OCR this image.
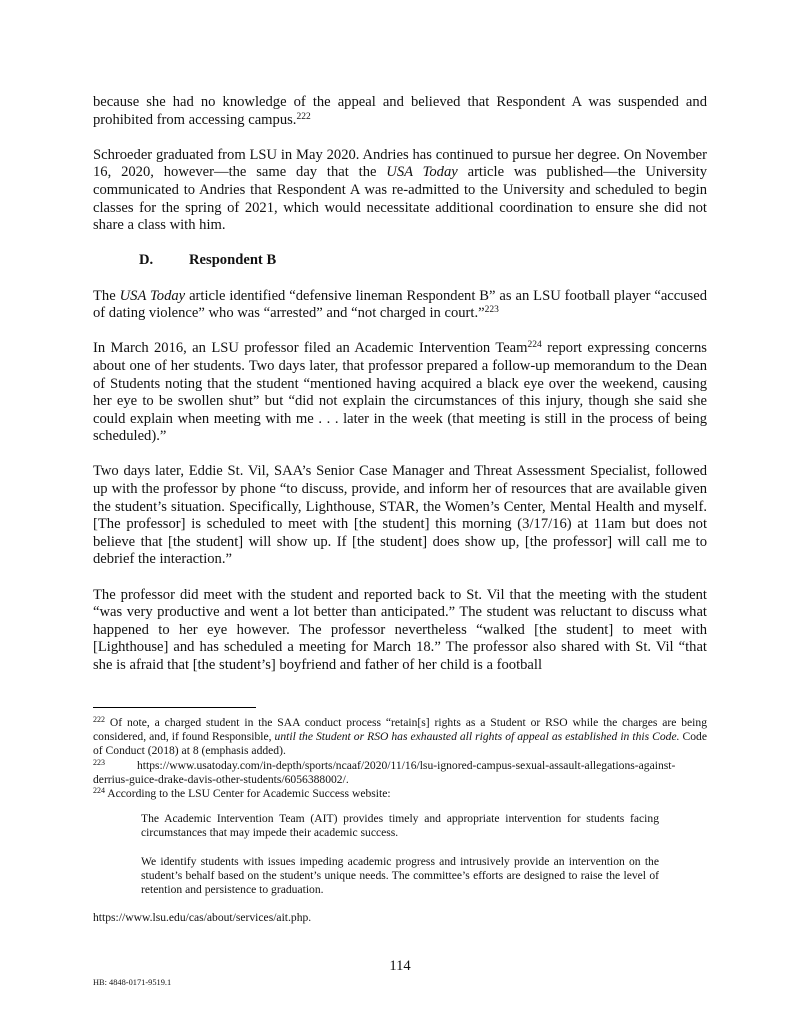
because she had no knowledge of the appeal and believed that Respondent A was suspended and prohibited from accessing campus.$^{222}$

Schroeder graduated from LSU in May 2020. Andries has continued to pursue her degree. On November 16, 2020, however—the same day that the USA Today article was published—the University communicated to Andries that Respondent A was re-admitted to the University and scheduled to begin classes for the spring of 2021, which would necessitate additional coordination to ensure she did not share a class with him.

D. Respondent B

The USA Today article identified “defensive lineman Respondent B” as an LSU football player “accused of dating violence” who was “arrested” and “not charged in court.”$^{223}$

In March 2016, an LSU professor filed an Academic Intervention Team$^{224}$ report expressing concerns about one of her students. Two days later, that professor prepared a follow-up memorandum to the Dean of Students noting that the student “mentioned having acquired a black eye over the weekend, causing her eye to be swollen shut” but “did not explain the circumstances of this injury, though she said she could explain when meeting with me . . . later in the week (that meeting is still in the process of being scheduled).”

Two days later, Eddie St. Vil, SAA’s Senior Case Manager and Threat Assessment Specialist, followed up with the professor by phone “to discuss, provide, and inform her of resources that are available given the student’s situation. Specifically, Lighthouse, STAR, the Women’s Center, Mental Health and myself. [The professor] is scheduled to meet with [the student] this morning (3/17/16) at 11am but does not believe that [the student] will show up. If [the student] does show up, [the professor] will call me to debrief the interaction.”

The professor did meet with the student and reported back to St. Vil that the meeting with the student “was very productive and went a lot better than anticipated.” The student was reluctant to discuss what happened to her eye however. The professor nevertheless “walked [the student] to meet with [Lighthouse] and has scheduled a meeting for March 18.” The professor also shared with St. Vil “that she is afraid that [the student’s] boyfriend and father of her child is a football

$^{222}$ Of note, a charged student in the SAA conduct process “retain[s] rights as a Student or RSO while the charges are being considered, and, if found Responsible, until the Student or RSO has exhausted all rights of appeal as established in this Code. Code of Conduct (2018) at 8 (emphasis added).

$^{223}$	https://www.usatoday.com/in-depth/sports/ncaaf/2020/11/16/lsu-ignored-campus-sexual-assault-allegations-against-derrius-guice-drake-davis-other-students/6056388002/.

$^{224}$ According to the LSU Center for Academic Success website:

The Academic Intervention Team (AIT) provides timely and appropriate intervention for students facing circumstances that may impede their academic success.

We identify students with issues impeding academic progress and intrusively provide an intervention on the student’s behalf based on the student’s unique needs. The committee’s efforts are designed to raise the level of retention and persistence to graduation.

https://www.lsu.edu/cas/about/services/ait.php.

114
HB: 4848-0171-9519.1
